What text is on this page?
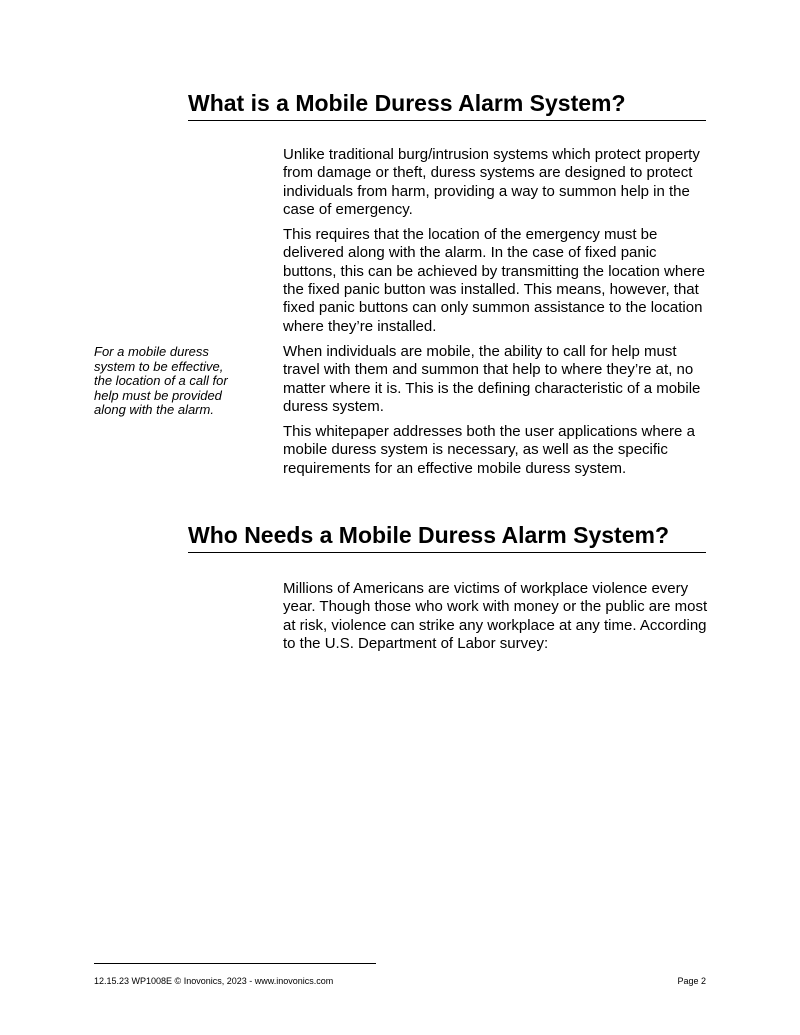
What is a Mobile Duress Alarm System?

Unlike traditional burg/intrusion systems which protect property from damage or theft, duress systems are designed to protect individuals from harm, providing a way to summon help in the case of emergency.

This requires that the location of the emergency must be delivered along with the alarm. In the case of fixed panic buttons, this can be achieved by transmitting the location where the fixed panic button was installed. This means, however, that fixed panic buttons can only summon assistance to the location where they’re installed.

When individuals are mobile, the ability to call for help must travel with them and summon that help to where they’re at, no matter where it is. This is the defining characteristic of a mobile duress system.

This whitepaper addresses both the user applications where a mobile duress system is necessary, as well as the specific requirements for an effective mobile duress system.

For a mobile duress system to be effective, the location of a call for help must be provided along with the alarm.
Who Needs a Mobile Duress Alarm System?

Millions of Americans are victims of workplace violence every year. Though those who work with money or the public are most at risk, violence can strike any workplace at any time. According to the U.S. Department of Labor survey:

12.15.23 WP1008E © Inovonics, 2023 - www.inovonics.com	Page 2
